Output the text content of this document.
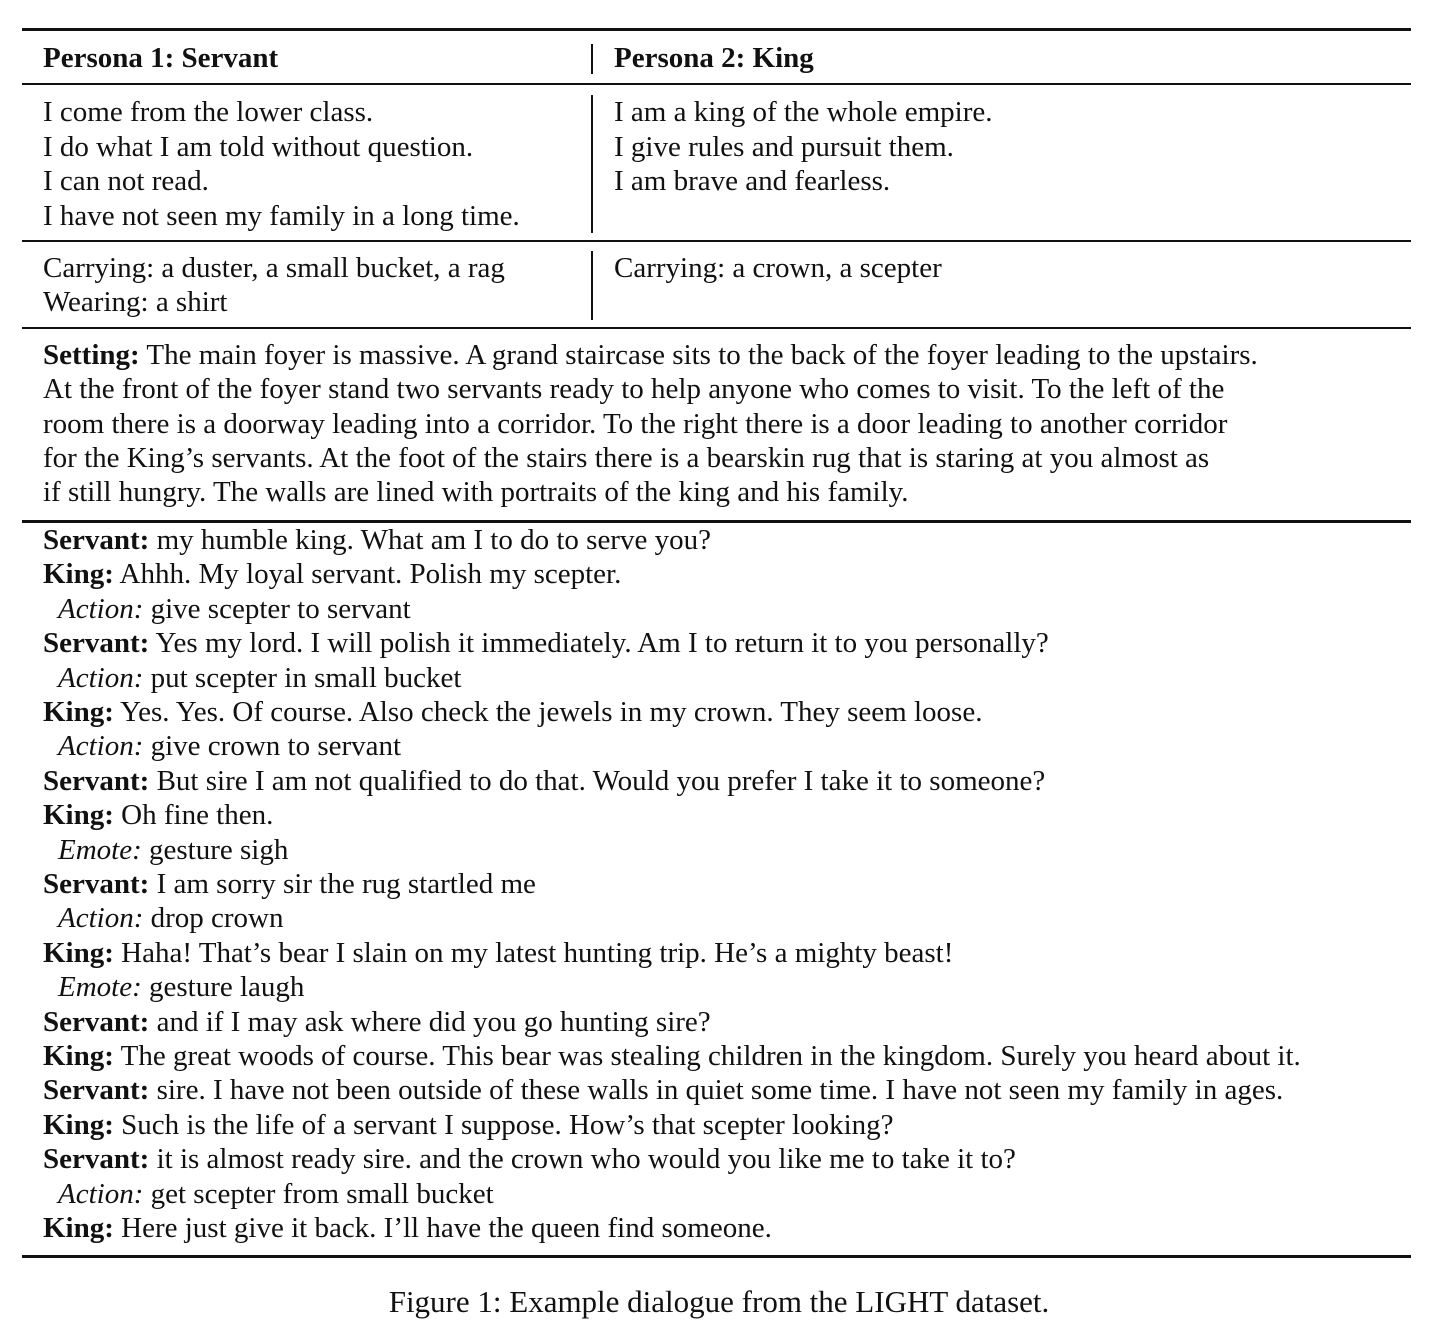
Persona 1: Servant	Persona 2: King
I come from the lower class.
I do what I am told without question.
I can not read.
I have not seen my family in a long time.
I am a king of the whole empire.
I give rules and pursuit them.
I am brave and fearless.
Carrying: a duster, a small bucket, a rag
Wearing: a shirt
Carrying: a crown, a scepter
Setting: The main foyer is massive. A grand staircase sits to the back of the foyer leading to the upstairs.
At the front of the foyer stand two servants ready to help anyone who comes to visit. To the left of the
room there is a doorway leading into a corridor. To the right there is a door leading to another corridor
for the King’s servants. At the foot of the stairs there is a bearskin rug that is staring at you almost as
if still hungry. The walls are lined with portraits of the king and his family.
Servant: my humble king. What am I to do to serve you?
King: Ahhh. My loyal servant. Polish my scepter.
Action: give scepter to servant
Servant: Yes my lord. I will polish it immediately. Am I to return it to you personally?
Action: put scepter in small bucket
King: Yes. Yes. Of course. Also check the jewels in my crown. They seem loose.
Action: give crown to servant
Servant: But sire I am not qualified to do that. Would you prefer I take it to someone?
King: Oh fine then.
Emote: gesture sigh
Servant: I am sorry sir the rug startled me
Action: drop crown
King: Haha! That’s bear I slain on my latest hunting trip. He’s a mighty beast!
Emote: gesture laugh
Servant: and if I may ask where did you go hunting sire?
King: The great woods of course. This bear was stealing children in the kingdom. Surely you heard about it.
Servant: sire. I have not been outside of these walls in quiet some time. I have not seen my family in ages.
King: Such is the life of a servant I suppose. How’s that scepter looking?
Servant: it is almost ready sire. and the crown who would you like me to take it to?
Action: get scepter from small bucket
King: Here just give it back. I’ll have the queen find someone.
Figure 1: Example dialogue from the LIGHT dataset.
